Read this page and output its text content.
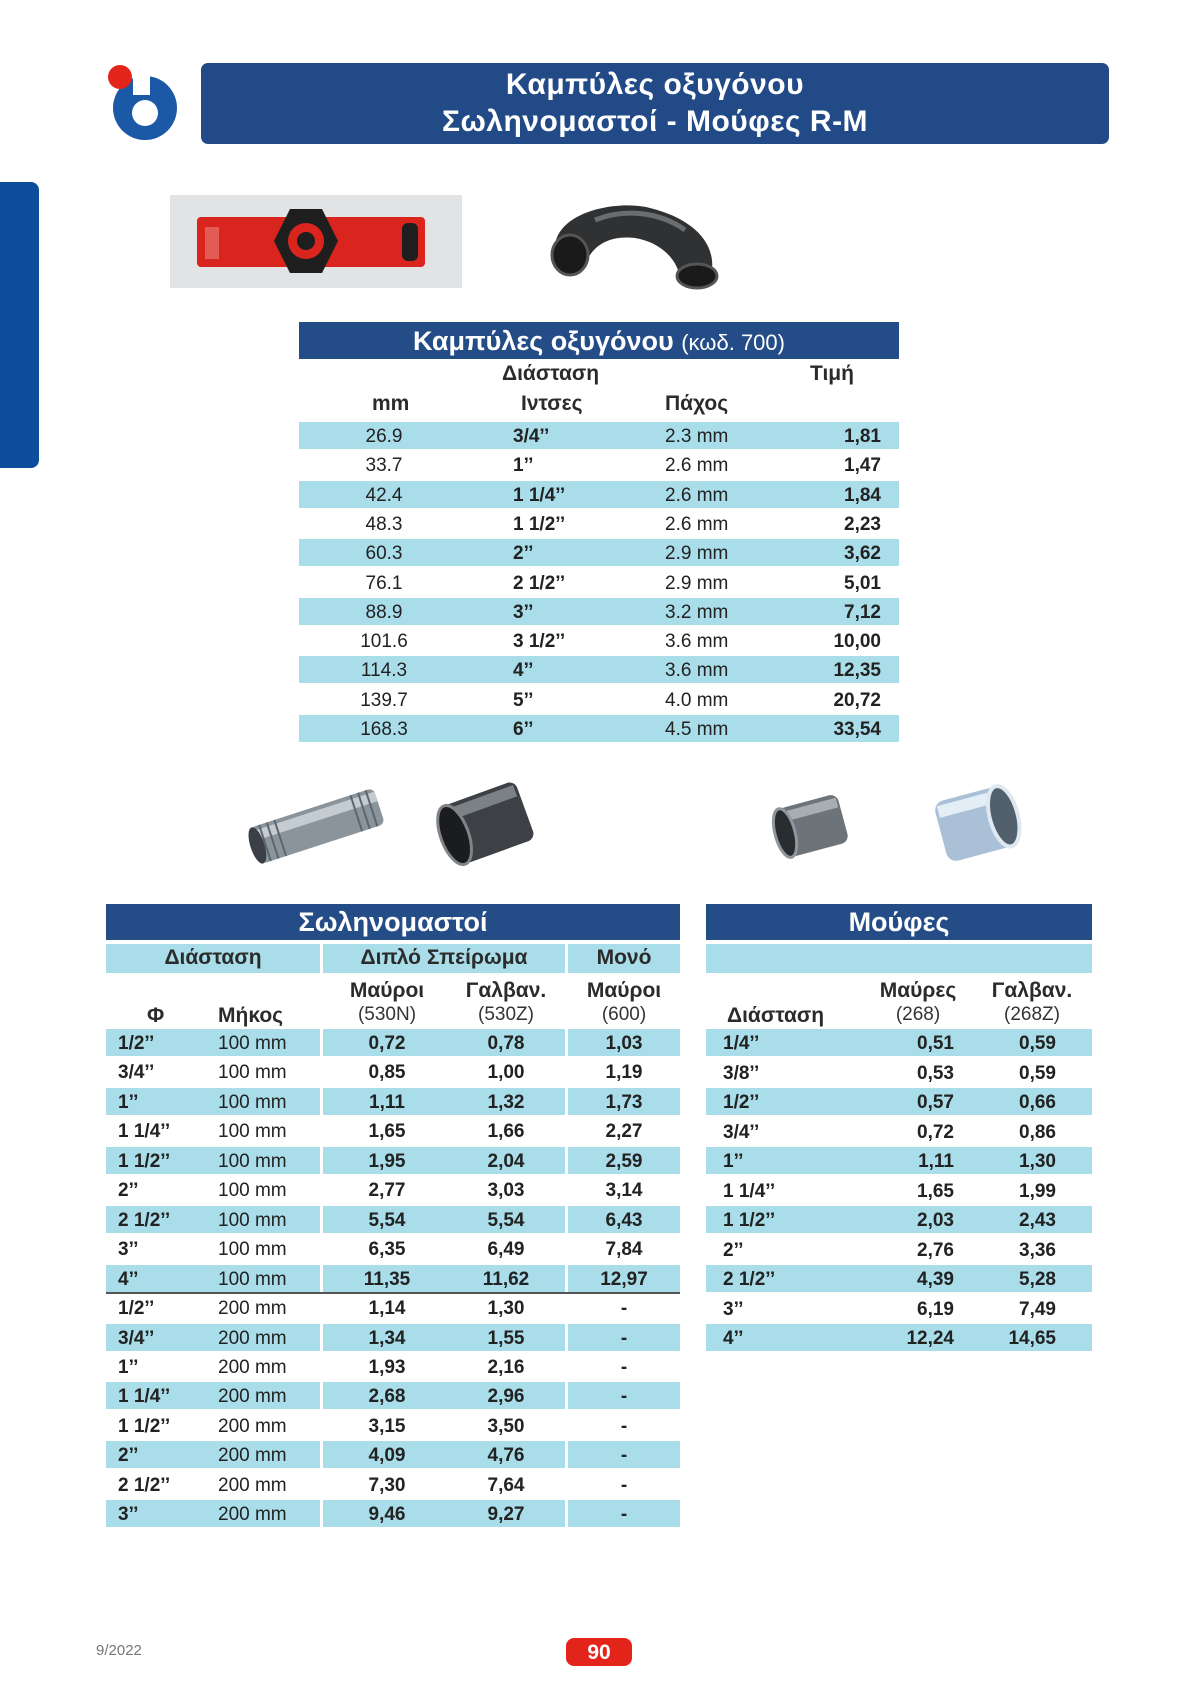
Καμπύλες οξυγόνου
Σωληνομαστοί - Μούφες R-M
Καμπύλες οξυγόνου (κωδ. 700)
Διάσταση	Τιμή
mm	Ιντσες	Πάχος
26.9	3/4’’	2.3 mm	1,81
33.7	1’’	2.6 mm	1,47
42.4	1 1/4’’	2.6 mm	1,84
48.3	1 1/2’’	2.6 mm	2,23
60.3	2’’	2.9 mm	3,62
76.1	2 1/2’’	2.9 mm	5,01
88.9	3’’	3.2 mm	7,12
101.6	3 1/2’’	3.6 mm	10,00
114.3	4’’	3.6 mm	12,35
139.7	5’’	4.0 mm	20,72
168.3	6’’	4.5 mm	33,54
Σωληνομαστοί
Διάσταση	Διπλό Σπείρωμα	Μονό
Μαύροι	Γαλβαν.	Μαύροι
Φ	Μήκος	(530N)	(530Z)	(600)
1/2’’	100 mm	0,72	0,78	1,03
3/4’’	100 mm	0,85	1,00	1,19
1’’	100 mm	1,11	1,32	1,73
1 1/4’’	100 mm	1,65	1,66	2,27
1 1/2’’	100 mm	1,95	2,04	2,59
2’’	100 mm	2,77	3,03	3,14
2 1/2’’	100 mm	5,54	5,54	6,43
3’’	100 mm	6,35	6,49	7,84
4’’	100 mm	11,35	11,62	12,97
1/2’’	200 mm	1,14	1,30	-
3/4’’	200 mm	1,34	1,55	-
1’’	200 mm	1,93	2,16	-
1 1/4’’	200 mm	2,68	2,96	-
1 1/2’’	200 mm	3,15	3,50	-
2’’	200 mm	4,09	4,76	-
2 1/2’’	200 mm	7,30	7,64	-
3’’	200 mm	9,46	9,27	-
Μούφες
Μαύρες	Γαλβαν.
Διάσταση	(268)	(268Z)
1/4’’	0,51	0,59
3/8’’	0,53	0,59
1/2’’	0,57	0,66
3/4’’	0,72	0,86
1’’	1,11	1,30
1 1/4’’	1,65	1,99
1 1/2’’	2,03	2,43
2’’	2,76	3,36
2 1/2’’	4,39	5,28
3’’	6,19	7,49
4’’	12,24	14,65
9/2022	90
